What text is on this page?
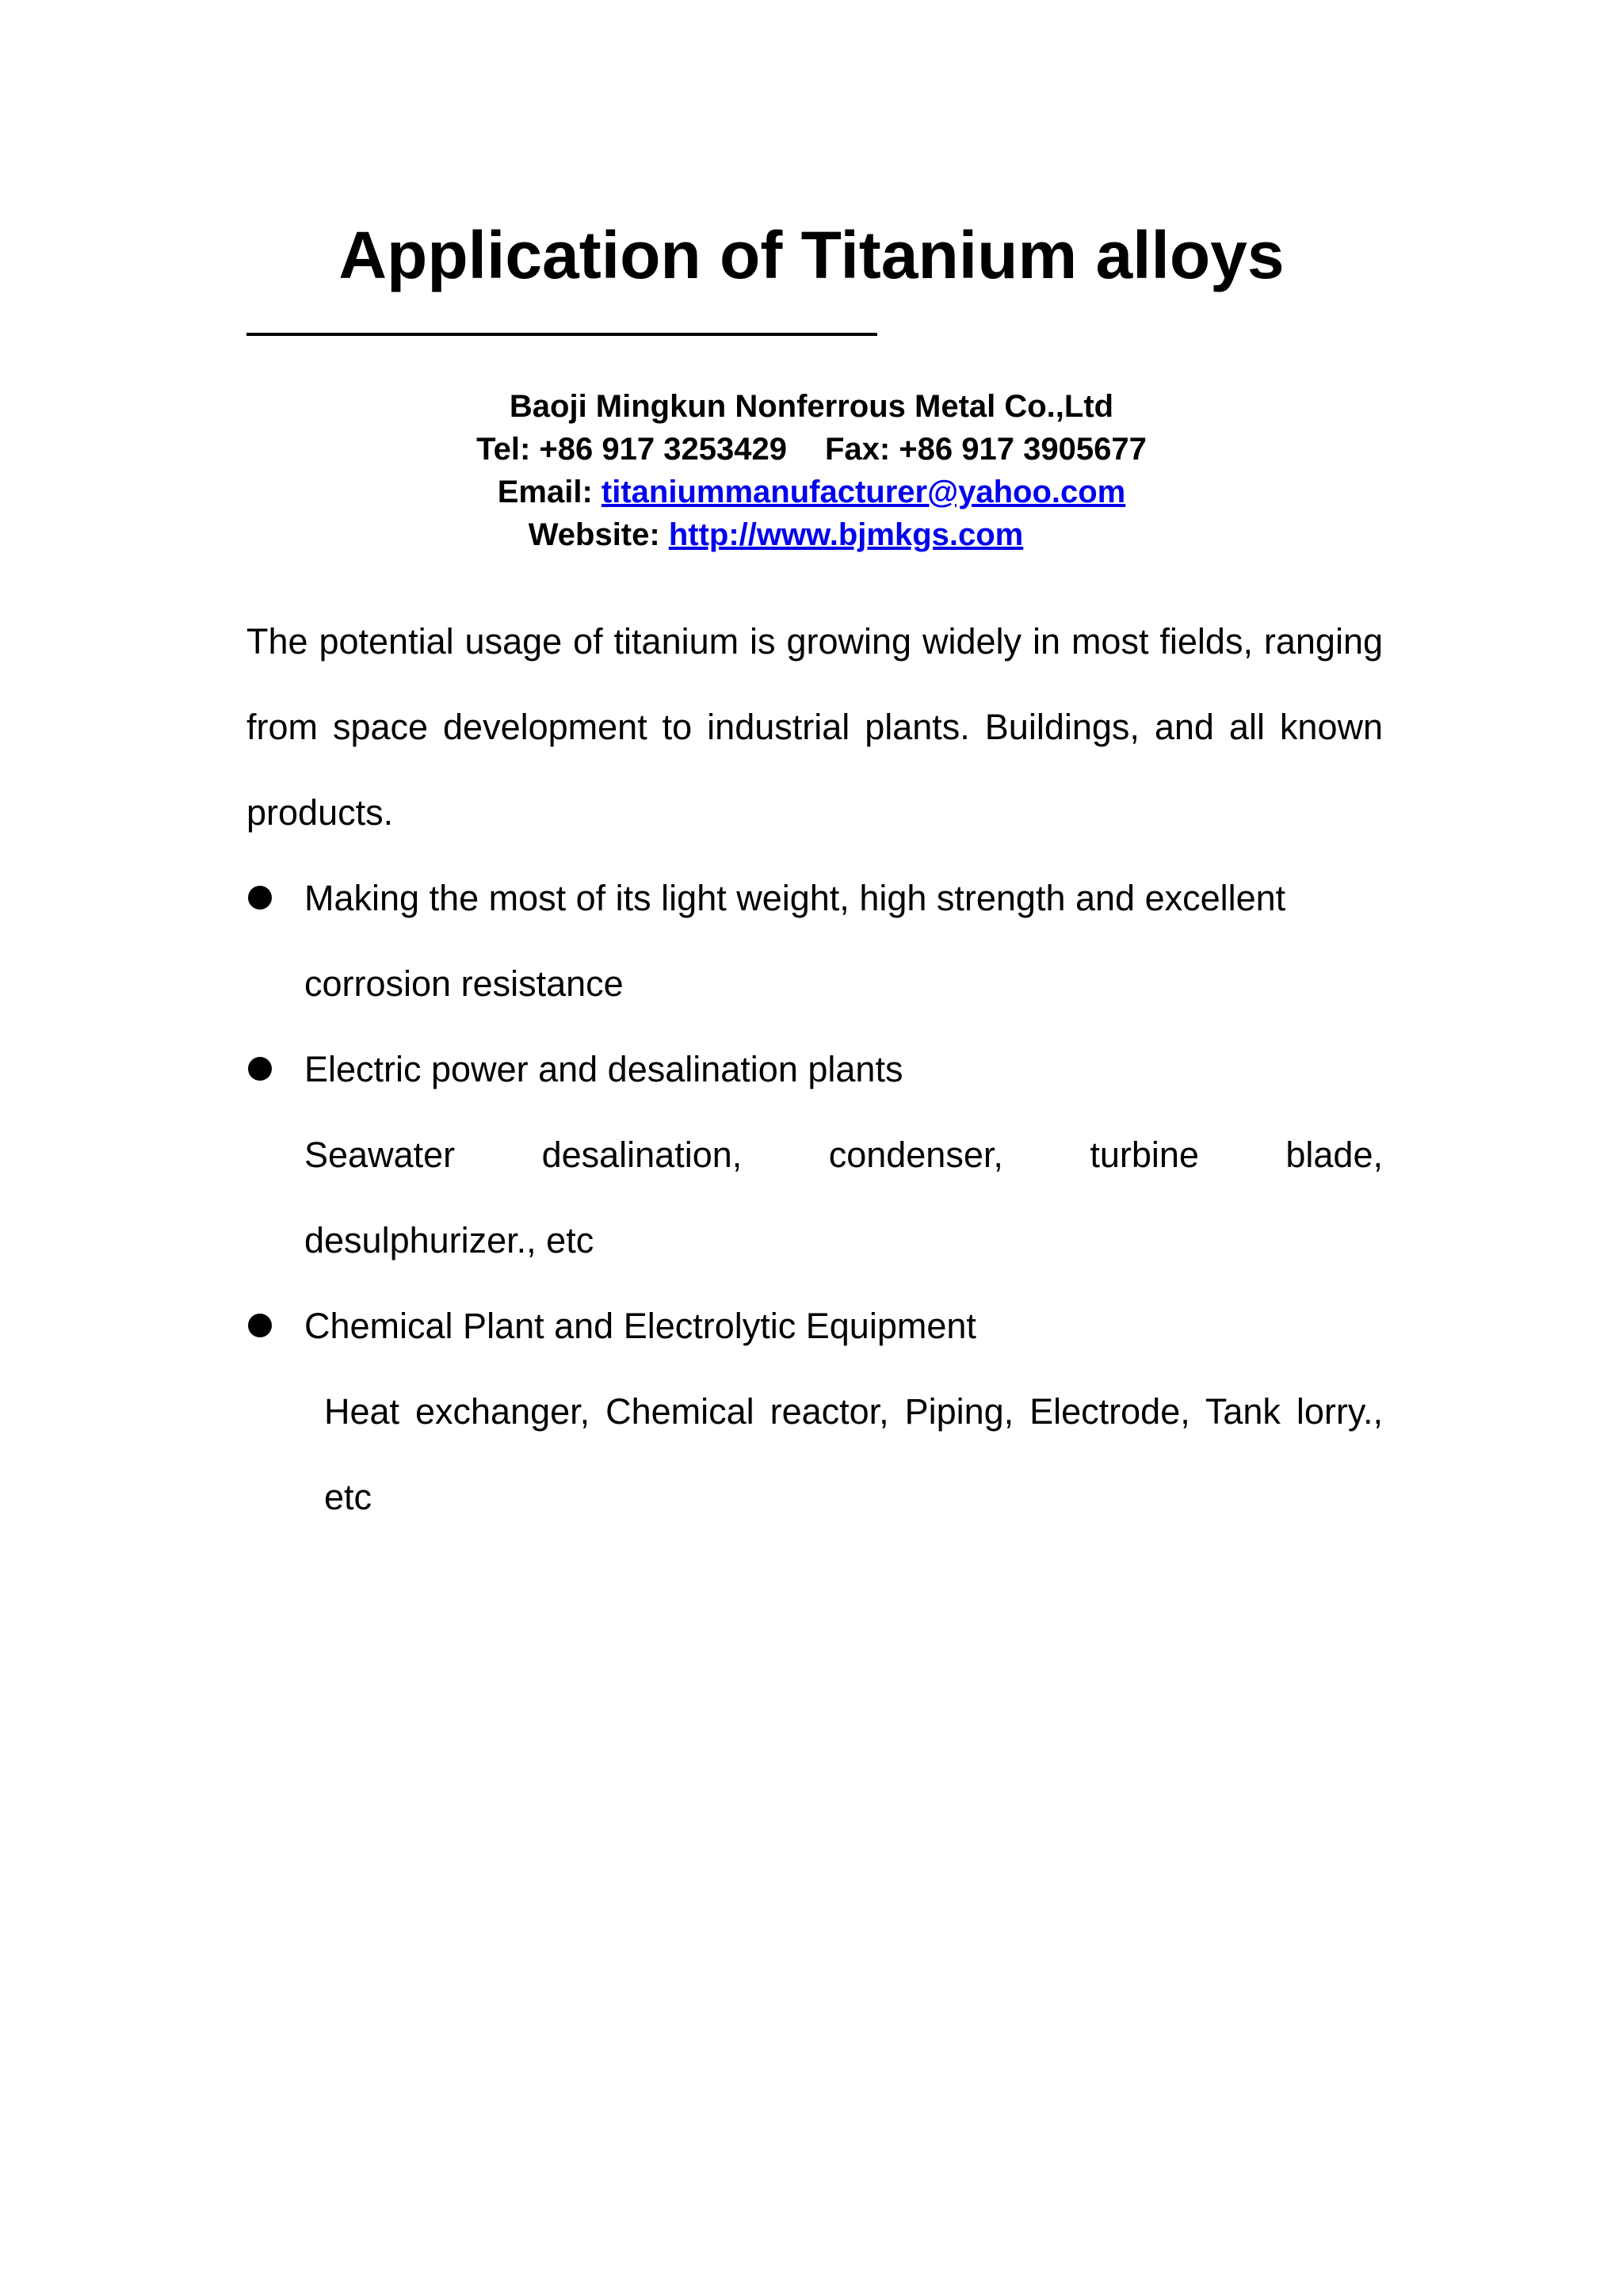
Application of Titanium alloys
Baoji Mingkun Nonferrous Metal Co.,Ltd
Tel: +86 917 3253429 Fax: +86 917 3905677
Email: titaniummanufacturer@yahoo.com
Website: http://www.bjmkgs.com

The potential usage of titanium is growing widely in most fields, ranging from space development to industrial plants. Buildings, and all known products.

Making the most of its light weight, high strength and excellent corrosion resistance

Electric power and desalination plants

Seawater desalination, condenser, turbine blade,
desulphurizer., etc

Chemical Plant and Electrolytic Equipment

Heat exchanger, Chemical reactor, Piping, Electrode, Tank lorry., etc
